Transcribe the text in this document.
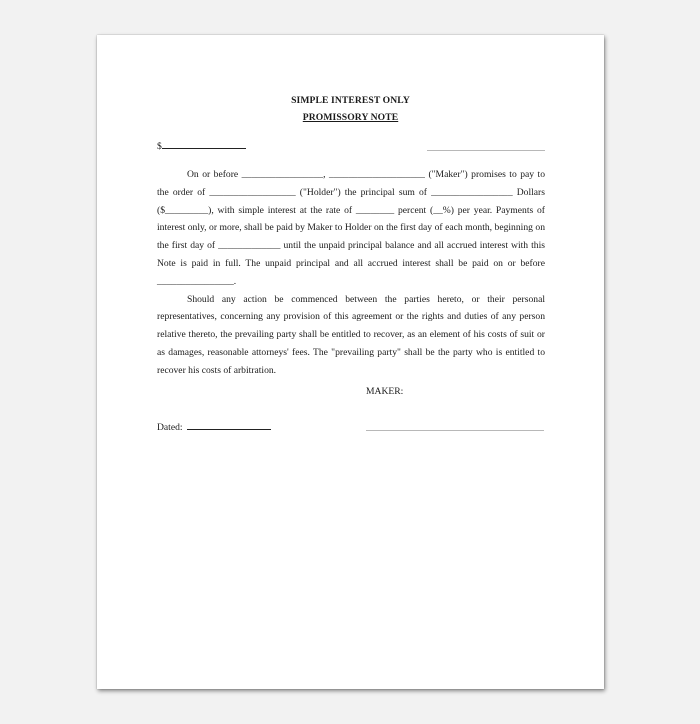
SIMPLE INTEREST ONLY
PROMISSORY NOTE
$

On or before _________________, ____________________ ("Maker") promises to pay to the order of __________________ ("Holder") the principal sum of _________________ Dollars ($_________), with simple interest at the rate of ________ percent (__%) per year. Payments of interest only, or more, shall be paid by Maker to Holder on the first day of each month, beginning on the first day of _____________ until the unpaid principal balance and all accrued interest with this Note is paid in full. The unpaid principal and all accrued interest shall be paid on or before ________________.

Should any action be commenced between the parties hereto, or their personal representatives, concerning any provision of this agreement or the rights and duties of any person relative thereto, the prevailing party shall be entitled to recover, as an element of his costs of suit or as damages, reasonable attorneys' fees. The "prevailing party" shall be the party who is entitled to recover his costs of arbitration.

MAKER:
Dated:
